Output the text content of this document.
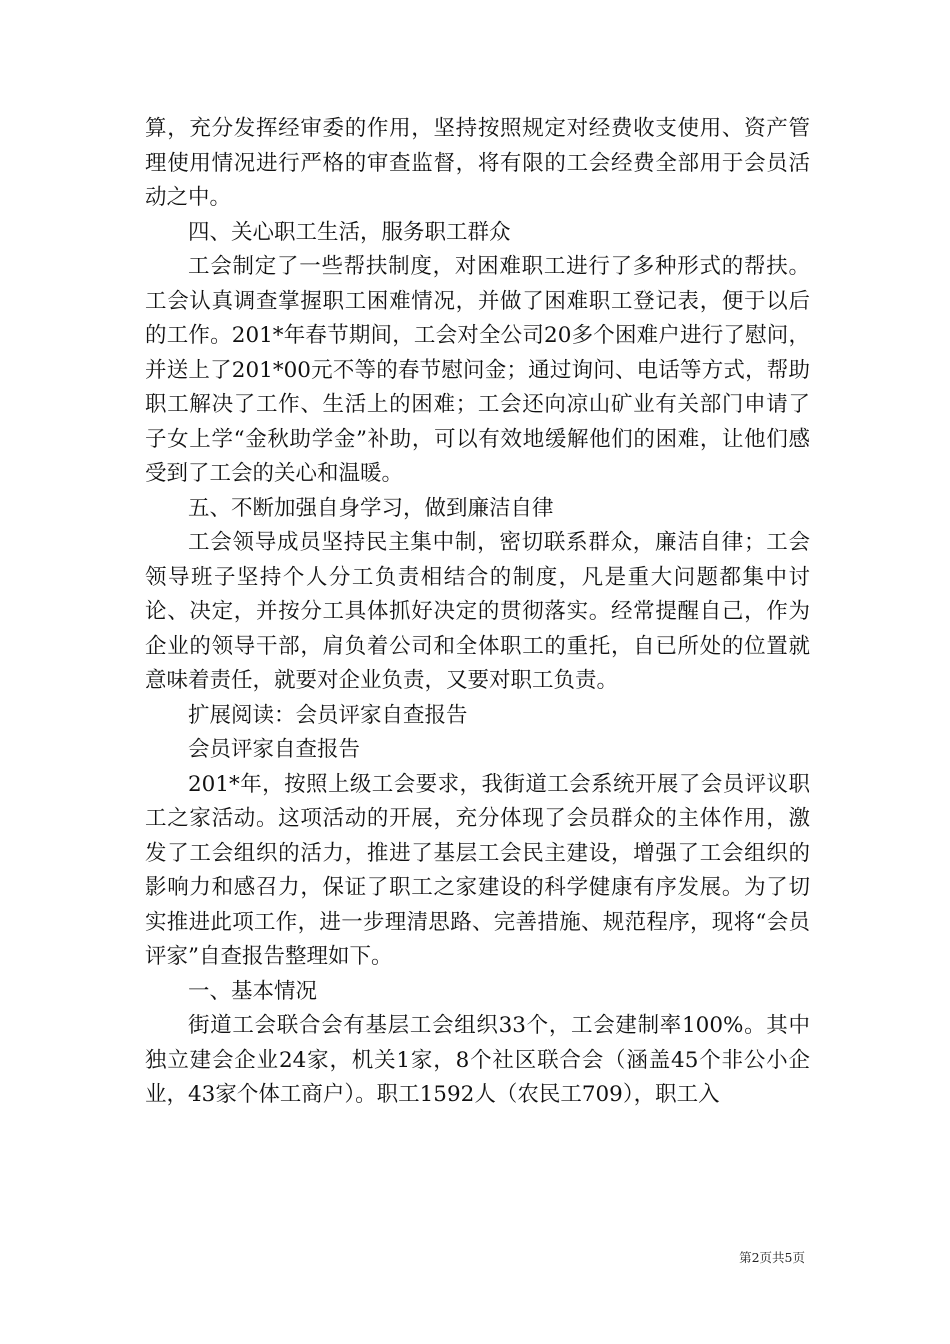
算，充分发挥经审委的作用，坚持按照规定对经费收支使用、资产管理使用情况进行严格的审查监督，将有限的工会经费全部用于会员活动之中。

四、关心职工生活，服务职工群众

工会制定了一些帮扶制度，对困难职工进行了多种形式的帮扶。工会认真调查掌握职工困难情况，并做了困难职工登记表，便于以后的工作。201*年春节期间，工会对全公司20多个困难户进行了慰问，并送上了201*00元不等的春节慰问金；通过询问、电话等方式，帮助职工解决了工作、生活上的困难；工会还向凉山矿业有关部门申请了子女上学“金秋助学金”补助，可以有效地缓解他们的困难，让他们感受到了工会的关心和温暖。

五、不断加强自身学习，做到廉洁自律

工会领导成员坚持民主集中制，密切联系群众，廉洁自律；工会领导班子坚持个人分工负责相结合的制度，凡是重大问题都集中讨论、决定，并按分工具体抓好决定的贯彻落实。经常提醒自己，作为企业的领导干部，肩负着公司和全体职工的重托，自已所处的位置就意味着责任，就要对企业负责，又要对职工负责。

扩展阅读：会员评家自查报告

会员评家自查报告

201*年，按照上级工会要求，我街道工会系统开展了会员评议职工之家活动。这项活动的开展，充分体现了会员群众的主体作用，激发了工会组织的活力，推进了基层工会民主建设，增强了工会组织的影响力和感召力，保证了职工之家建设的科学健康有序发展。为了切实推进此项工作，进一步理清思路、完善措施、规范程序，现将“会员评家”自查报告整理如下。

一、基本情况

街道工会联合会有基层工会组织33个，工会建制率100%。其中独立建会企业24家，机关1家，8个社区联合会（涵盖45个非公小企业，43家个体工商户）。职工1592人（农民工709），职工入

第2页共5页
